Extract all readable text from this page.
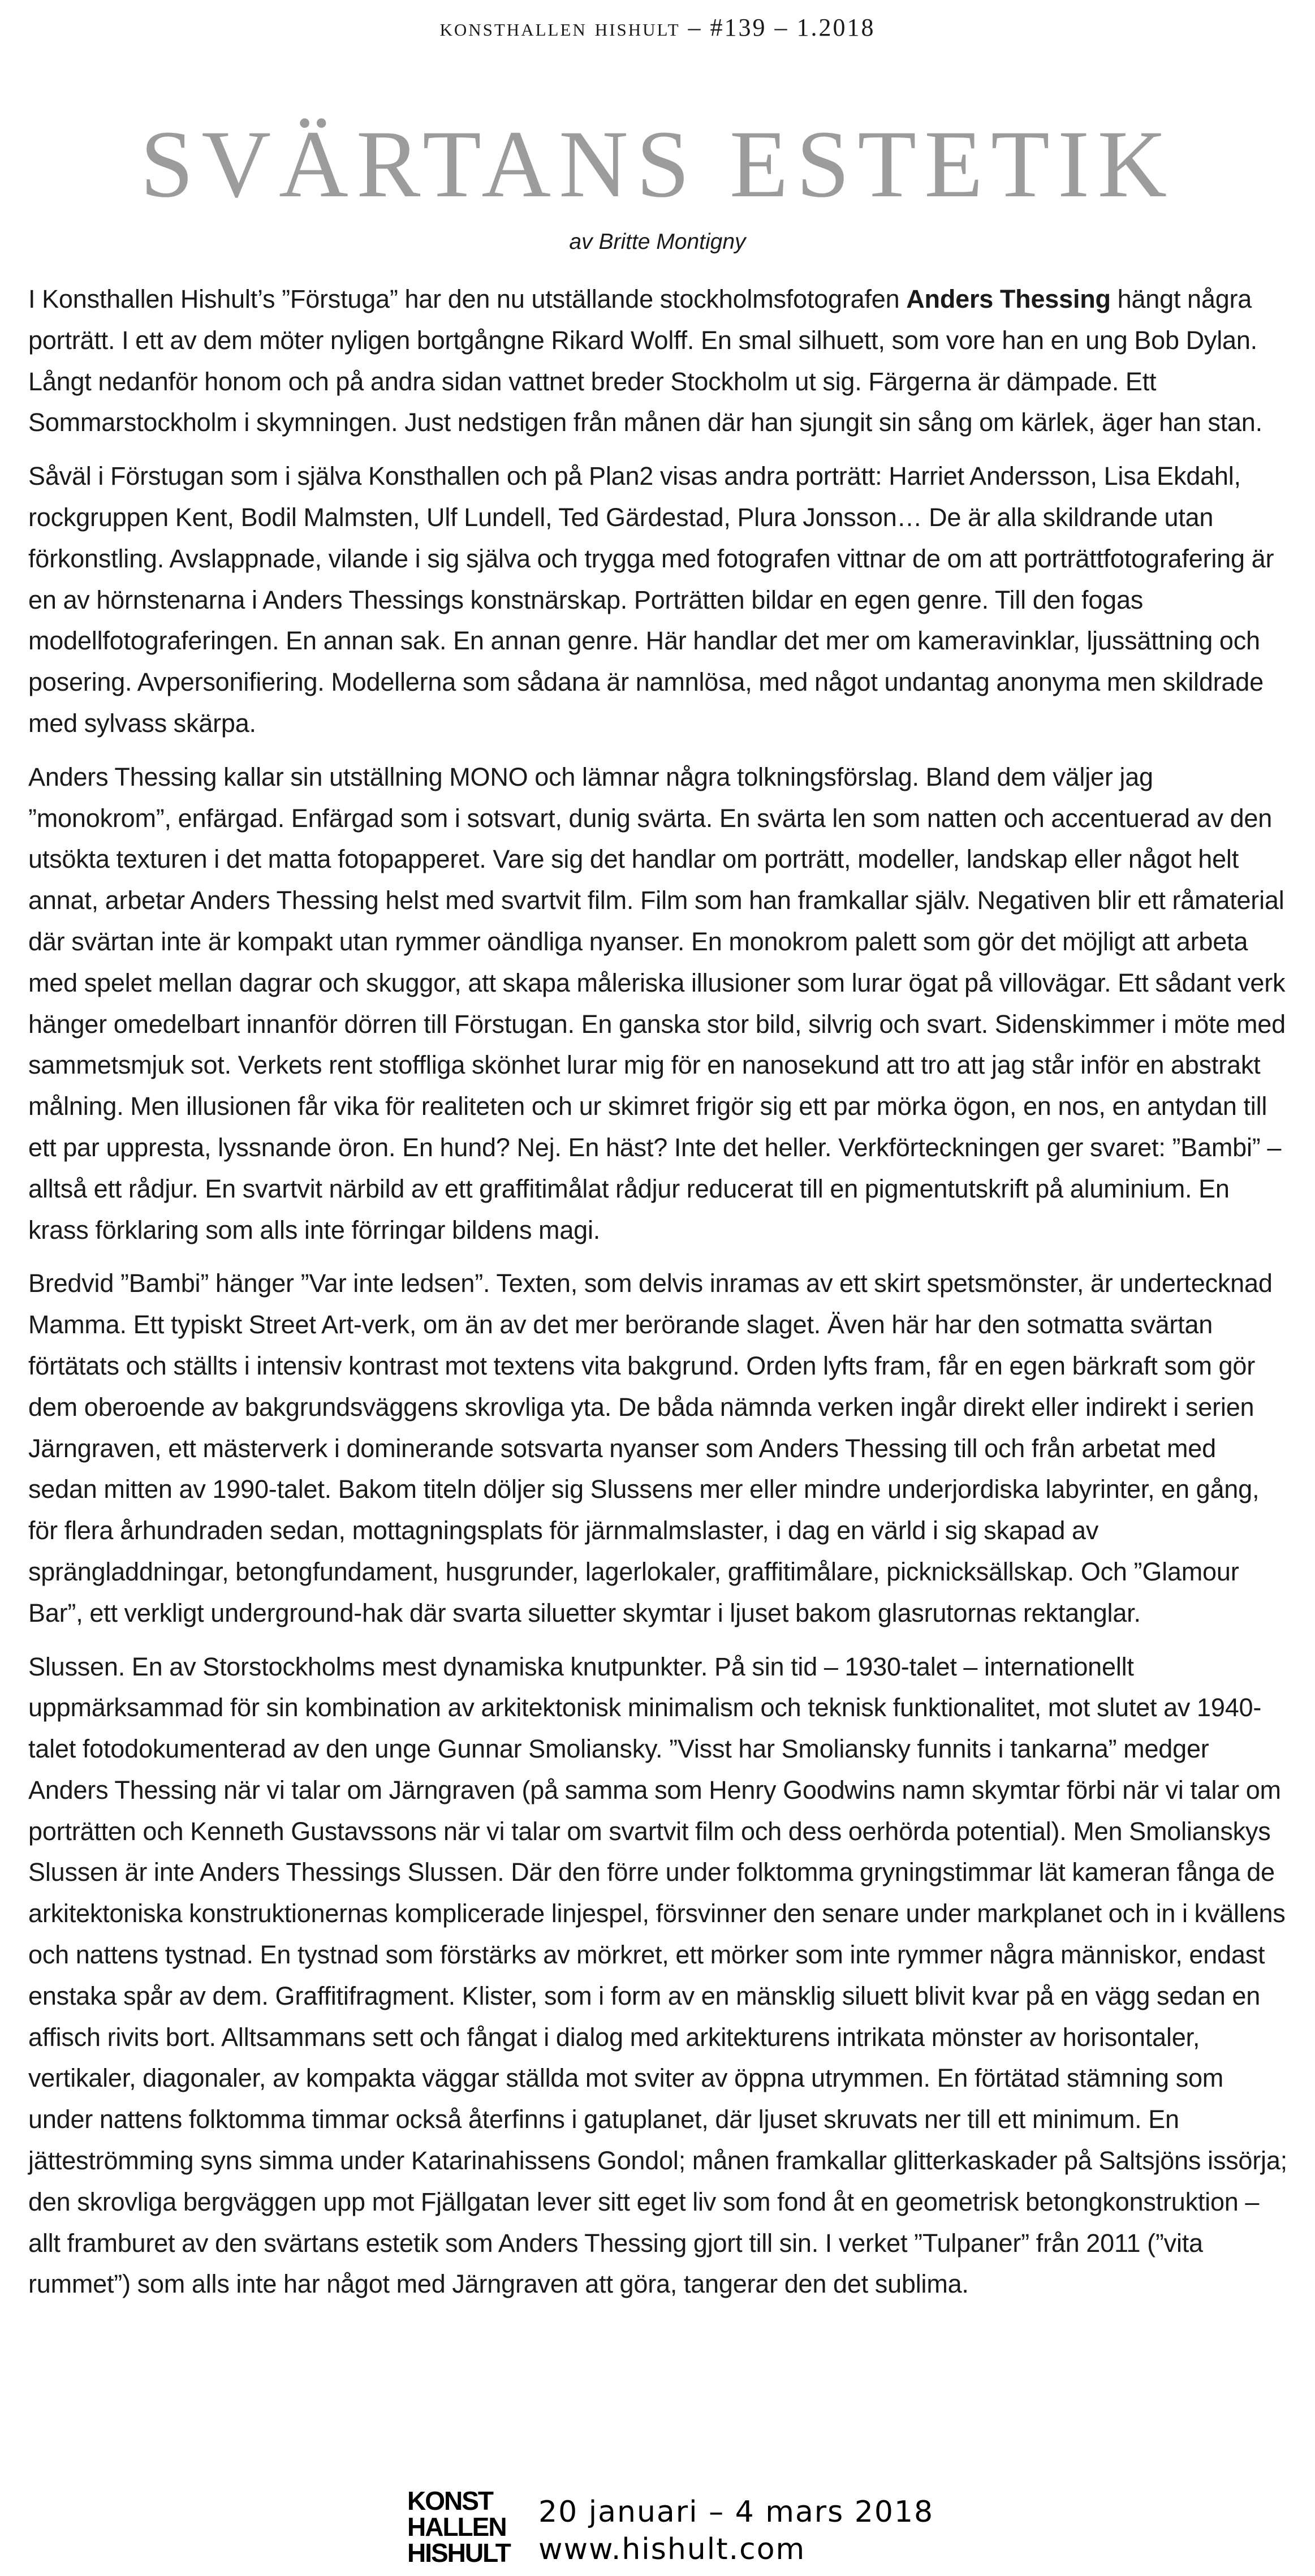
konsthallen hishult – #139 – 1.2018
SVÄRTANS ESTETIK
av Britte Montigny

I Konsthallen Hishult’s ”Förstuga” har den nu utställande stockholmsfotografen Anders Thessing hängt några porträtt. I ett av dem möter nyligen bortgångne Rikard Wolff. En smal silhuett, som vore han en ung Bob Dylan. Långt nedanför honom och på andra sidan vattnet breder Stockholm ut sig. Färgerna är dämpade. Ett Sommarstockholm i skymningen. Just nedstigen från månen där han sjungit sin sång om kärlek, äger han stan.

Såväl i Förstugan som i själva Konsthallen och på Plan2 visas andra porträtt: Harriet Andersson, Lisa Ekdahl, rockgruppen Kent, Bodil Malmsten, Ulf Lundell, Ted Gärdestad, Plura Jonsson… De är alla skildrande utan förkonstling. Avslappnade, vilande i sig själva och trygga med fotografen vittnar de om att porträttfotografering är en av hörnstenarna i Anders Thessings konstnärskap. Porträtten bildar en egen genre. Till den fogas modellfotograferingen. En annan sak. En annan genre. Här handlar det mer om kameravinklar, ljussättning och posering. Avpersonifiering. Modellerna som sådana är namnlösa, med något undantag anonyma men skildrade med sylvass skärpa.

Anders Thessing kallar sin utställning MONO och lämnar några tolkningsförslag. Bland dem väljer jag ”monokrom”, enfärgad. Enfärgad som i sotsvart, dunig svärta. En svärta len som natten och accentuerad av den utsökta texturen i det matta fotopapperet. Vare sig det handlar om porträtt, modeller, landskap eller något helt annat, arbetar Anders Thessing helst med svartvit film. Film som han framkallar själv. Negativen blir ett råmaterial där svärtan inte är kompakt utan rymmer oändliga nyanser. En monokrom palett som gör det möjligt att arbeta med spelet mellan dagrar och skuggor, att skapa måleriska illusioner som lurar ögat på villovägar. Ett sådant verk hänger omedelbart innanför dörren till Förstugan. En ganska stor bild, silvrig och svart. Sidenskimmer i möte med sammetsmjuk sot. Verkets rent stoffliga skönhet lurar mig för en nanosekund att tro att jag står inför en abstrakt målning. Men illusionen får vika för realiteten och ur skimret frigör sig ett par mörka ögon, en nos, en antydan till ett par uppresta, lyssnande öron. En hund? Nej. En häst? Inte det heller. Verkförteckningen ger svaret: ”Bambi” – alltså ett rådjur. En svartvit närbild av ett graffitimålat rådjur reducerat till en pigmentutskrift på aluminium. En krass förklaring som alls inte förringar bildens magi.

Bredvid ”Bambi” hänger ”Var inte ledsen”. Texten, som delvis inramas av ett skirt spetsmönster, är undertecknad Mamma. Ett typiskt Street Art-verk, om än av det mer berörande slaget. Även här har den sotmatta svärtan förtätats och ställts i intensiv kontrast mot textens vita bakgrund. Orden lyfts fram, får en egen bärkraft som gör dem oberoende av bakgrundsväggens skrovliga yta. De båda nämnda verken ingår direkt eller indirekt i serien Järngraven, ett mästerverk i dominerande sotsvarta nyanser som Anders Thessing till och från arbetat med sedan mitten av 1990-talet. Bakom titeln döljer sig Slussens mer eller mindre underjordiska labyrinter, en gång, för flera århundraden sedan, mottagningsplats för järnmalmslaster, i dag en värld i sig skapad av sprängladdningar, betongfundament, husgrunder, lagerlokaler, graffitimålare, picknicksällskap. Och ”Glamour Bar”, ett verkligt underground-hak där svarta siluetter skymtar i ljuset bakom glasrutornas rektanglar.

Slussen. En av Storstockholms mest dynamiska knutpunkter. På sin tid – 1930-talet – internationellt uppmärksammad för sin kombination av arkitektonisk minimalism och teknisk funktionalitet, mot slutet av 1940-talet fotodokumenterad av den unge Gunnar Smoliansky. ”Visst har Smoliansky funnits i tankarna” medger Anders Thessing när vi talar om Järngraven (på samma som Henry Goodwins namn skymtar förbi när vi talar om porträtten och Kenneth Gustavssons när vi talar om svartvit film och dess oerhörda potential). Men Smolianskys Slussen är inte Anders Thessings Slussen. Där den förre under folktomma gryningstimmar lät kameran fånga de arkitektoniska konstruktionernas komplicerade linjespel, försvinner den senare under markplanet och in i kvällens och nattens tystnad. En tystnad som förstärks av mörkret, ett mörker som inte rymmer några människor, endast enstaka spår av dem. Graffitifragment. Klister, som i form av en mänsklig siluett blivit kvar på en vägg sedan en affisch rivits bort. Alltsammans sett och fångat i dialog med arkitekturens intrikata mönster av horisontaler, vertikaler, diagonaler, av kompakta väggar ställda mot sviter av öppna utrymmen. En förtätad stämning som under nattens folktomma timmar också återfinns i gatuplanet, där ljuset skruvats ner till ett minimum. En jätteströmming syns simma under Katarinahissens Gondol; månen framkallar glitterkaskader på Saltsjöns issörja; den skrovliga bergväggen upp mot Fjällgatan lever sitt eget liv som fond åt en geometrisk betongkonstruktion – allt framburet av den svärtans estetik som Anders Thessing gjort till sin. I verket ”Tulpaner” från 2011 (”vita rummet”) som alls inte har något med Järngraven att göra, tangerar den det sublima.

KONST
HALLEN
HISHULT
20 januari – 4 mars 2018
www.hishult.com
